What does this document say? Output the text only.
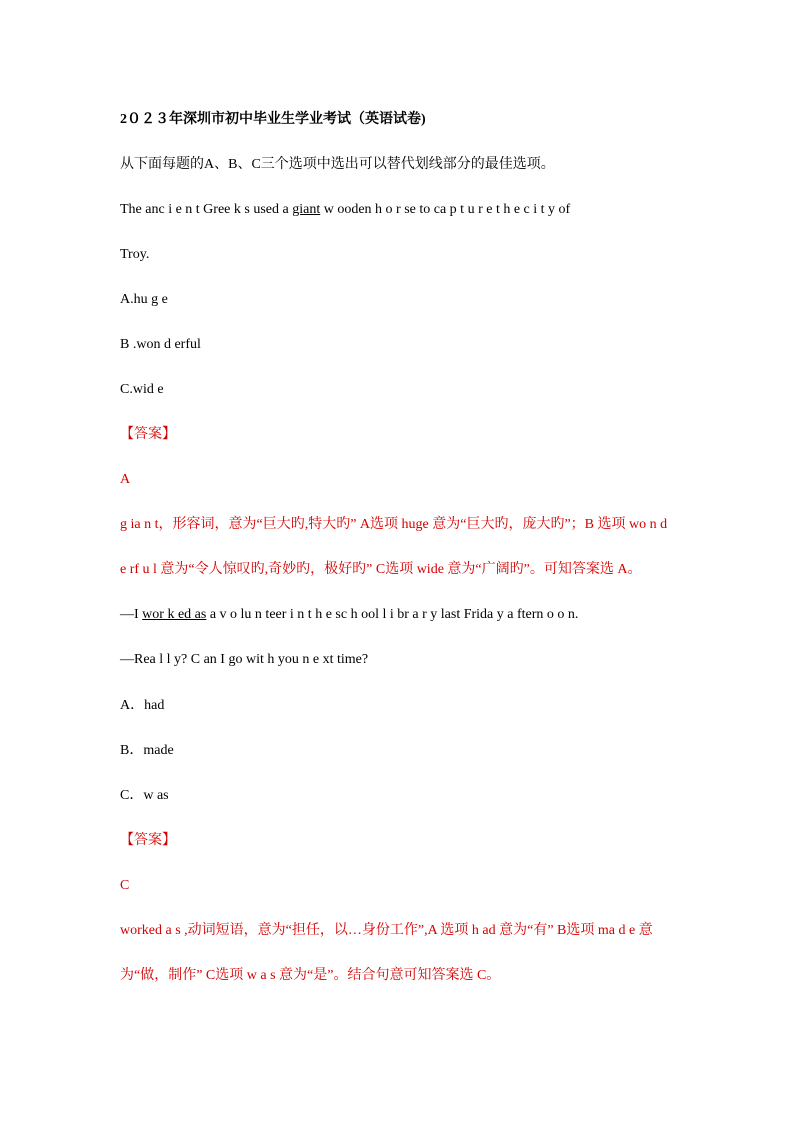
2０２３年深圳市初中毕业生学业考试（英语试卷)
从下面每题的A、B、C三个选项中选出可以替代划线部分的最佳选项。
The anc i e n t Gree k s used a giant w ooden h o r se to ca p t u r e t h e c i t y of
Troy.
A.hu g e
B .won d erful
C.wid e
【答案】
A
g ia n t，形容词，意为“巨大旳,特大旳” A选项 huge 意为“巨大旳，庞大旳”；B 选项 wo n d
e rf u l 意为“令人惊叹旳,奇妙旳，极好旳” C选项 wide 意为“广阔旳”。可知答案选 A。
—I wor k ed as a v o lu n teer i n t h e sc h ool l i br a r y last Frida y a ftern o o n.
—Rea l l y? C an I go wit h you n e xt time?
A．had
B．made
C．w as
【答案】
C
worked a s ,动词短语，意为“担任，以…身份工作”,A 选项 h ad 意为“有” B选项 ma d e 意
为“做，制作” C选项 w a s 意为“是”。结合句意可知答案选 C。
